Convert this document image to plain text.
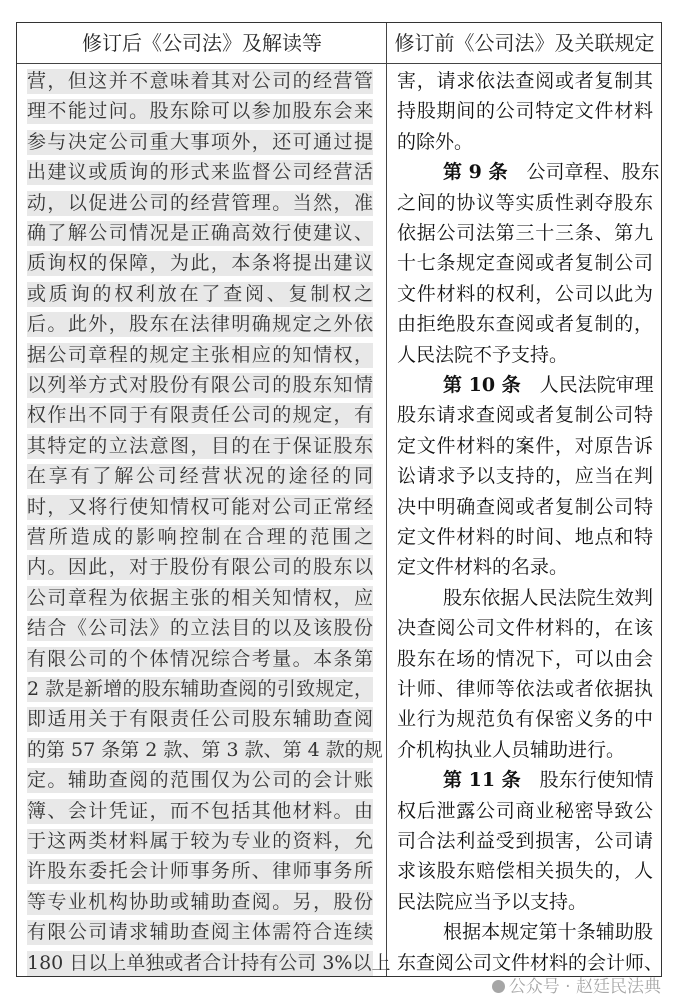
修订后《公司法》及解读等	修订前《公司法》及关联规定
营，但这并不意味着其对公司的经营管
理不能过问。股东除可以参加股东会来
参与决定公司重大事项外，还可通过提
出建议或质询的形式来监督公司经营活
动，以促进公司的经营管理。当然，准
确了解公司情况是正确高效行使建议、
质询权的保障，为此，本条将提出建议
或质询的权利放在了查阅、复制权之
后。此外，股东在法律明确规定之外依
据公司章程的规定主张相应的知情权，
以列举方式对股份有限公司的股东知情
权作出不同于有限责任公司的规定，有
其特定的立法意图，目的在于保证股东
在享有了解公司经营状况的途径的同
时，又将行使知情权可能对公司正常经
营所造成的影响控制在合理的范围之
内。因此，对于股份有限公司的股东以
公司章程为依据主张的相关知情权，应
结合《公司法》的立法目的以及该股份
有限公司的个体情况综合考量。本条第
2 款是新增的股东辅助查阅的引致规定，
即适用关于有限责任公司股东辅助查阅
的第 57 条第 2 款、第 3 款、第 4 款的规
定。辅助查阅的范围仅为公司的会计账
簿、会计凭证，而不包括其他材料。由
于这两类材料属于较为专业的资料，允
许股东委托会计师事务所、律师事务所
等专业机构协助或辅助查阅。另，股份
有限公司请求辅助查阅主体需符合连续
180 日以上单独或者合计持有公司 3%以上
害，请求依法查阅或者复制其
持股期间的公司特定文件材料
的除外。
第 9 条　公司章程、股东
之间的协议等实质性剥夺股东
依据公司法第三十三条、第九
十七条规定查阅或者复制公司
文件材料的权利，公司以此为
由拒绝股东查阅或者复制的，
人民法院不予支持。
第 10 条　人民法院审理
股东请求查阅或者复制公司特
定文件材料的案件，对原告诉
讼请求予以支持的，应当在判
决中明确查阅或者复制公司特
定文件材料的时间、地点和特
定文件材料的名录。
股东依据人民法院生效判
决查阅公司文件材料的，在该
股东在场的情况下，可以由会
计师、律师等依法或者依据执
业行为规范负有保密义务的中
介机构执业人员辅助进行。
第 11 条　股东行使知情
权后泄露公司商业秘密导致公
司合法利益受到损害，公司请
求该股东赔偿相关损失的，人
民法院应当予以支持。
根据本规定第十条辅助股
东查阅公司文件材料的会计师、
公众号 · 赵廷民法典
